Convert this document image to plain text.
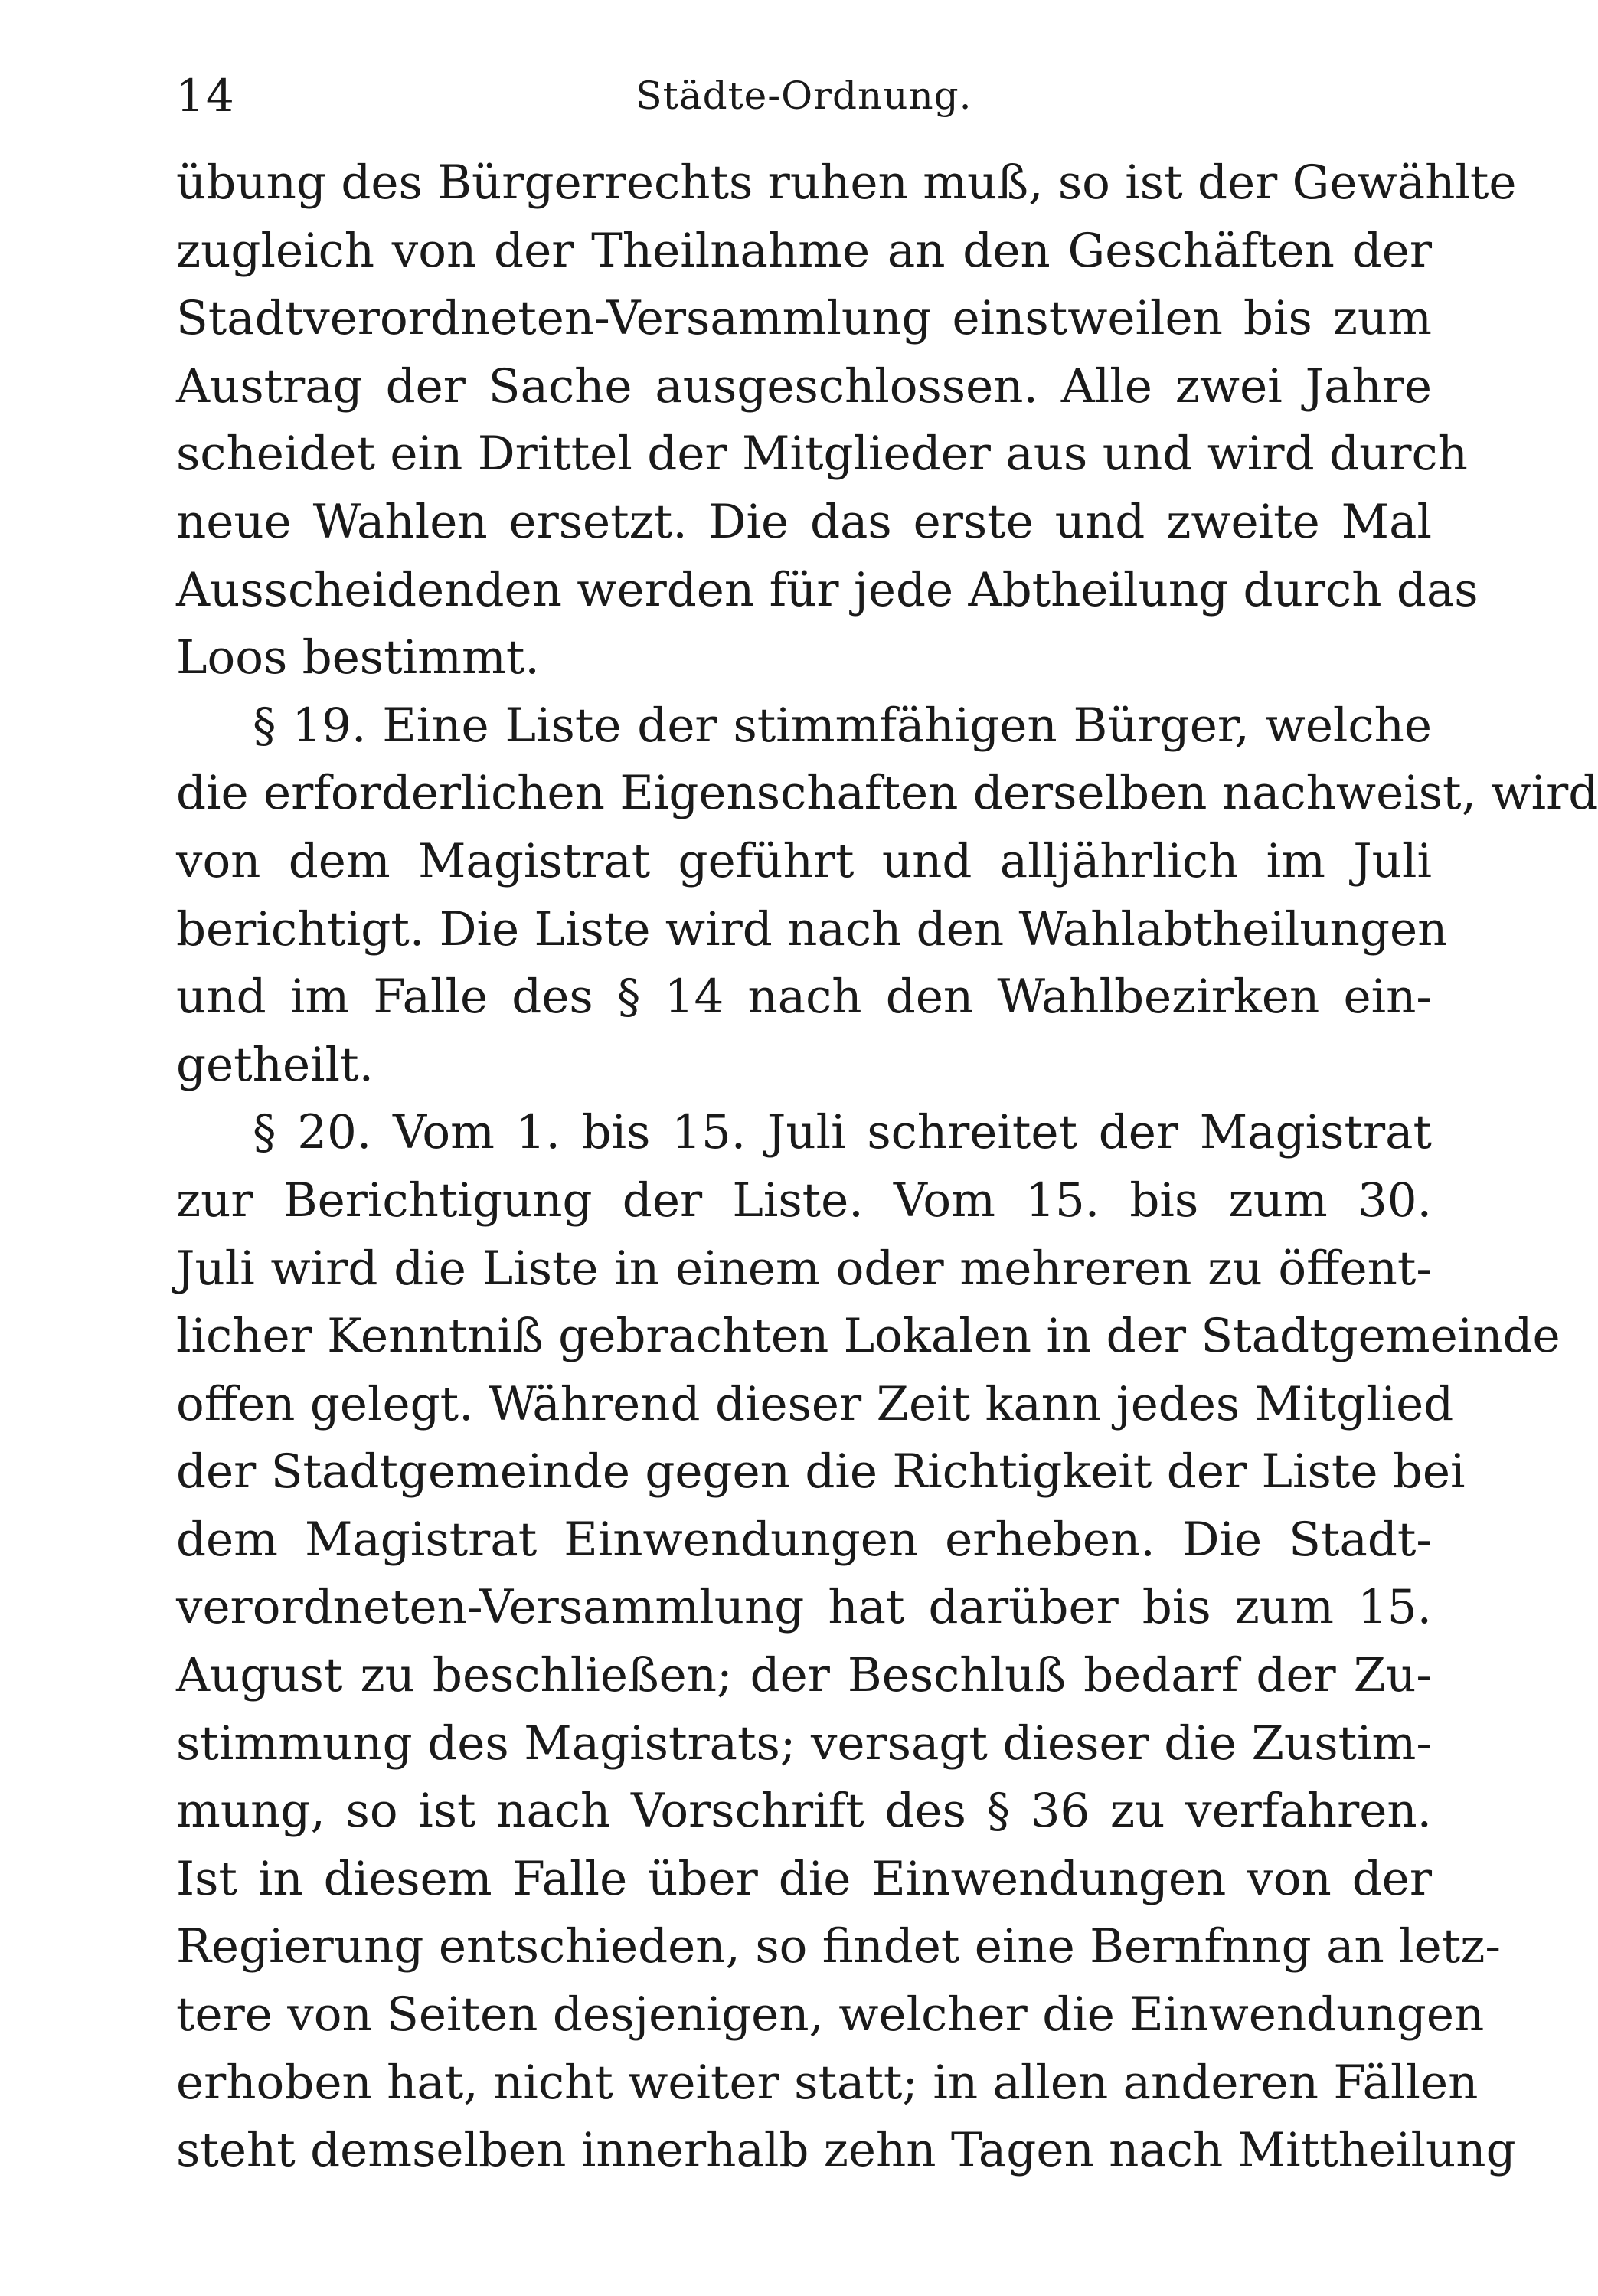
14	Städte-Ordnung.
übung des Bürgerrechts ruhen muß, so ist der Gewählte
zugleich von der Theilnahme an den Geschäften der
Stadtverordneten-Versammlung einstweilen bis zum
Austrag der Sache ausgeschlossen. Alle zwei Jahre
scheidet ein Drittel der Mitglieder aus und wird durch
neue Wahlen ersetzt. Die das erste und zweite Mal
Ausscheidenden werden für jede Abtheilung durch das
Loos bestimmt.
§ 19. Eine Liste der stimmfähigen Bürger, welche
die erforderlichen Eigenschaften derselben nachweist, wird
von dem Magistrat geführt und alljährlich im Juli
berichtigt. Die Liste wird nach den Wahlabtheilungen
und im Falle des § 14 nach den Wahlbezirken ein-
getheilt.
§ 20. Vom 1. bis 15. Juli schreitet der Magistrat
zur Berichtigung der Liste. Vom 15. bis zum 30.
Juli wird die Liste in einem oder mehreren zu öffent-
licher Kenntniß gebrachten Lokalen in der Stadtgemeinde
offen gelegt. Während dieser Zeit kann jedes Mitglied
der Stadtgemeinde gegen die Richtigkeit der Liste bei
dem Magistrat Einwendungen erheben. Die Stadt-
verordneten-Versammlung hat darüber bis zum 15.
August zu beschließen; der Beschluß bedarf der Zu-
stimmung des Magistrats; versagt dieser die Zustim-
mung, so ist nach Vorschrift des § 36 zu verfahren.
Ist in diesem Falle über die Einwendungen von der
Regierung entschieden, so findet eine Bernfnng an letz-
tere von Seiten desjenigen, welcher die Einwendungen
erhoben hat, nicht weiter statt; in allen anderen Fällen
steht demselben innerhalb zehn Tagen nach Mittheilung
